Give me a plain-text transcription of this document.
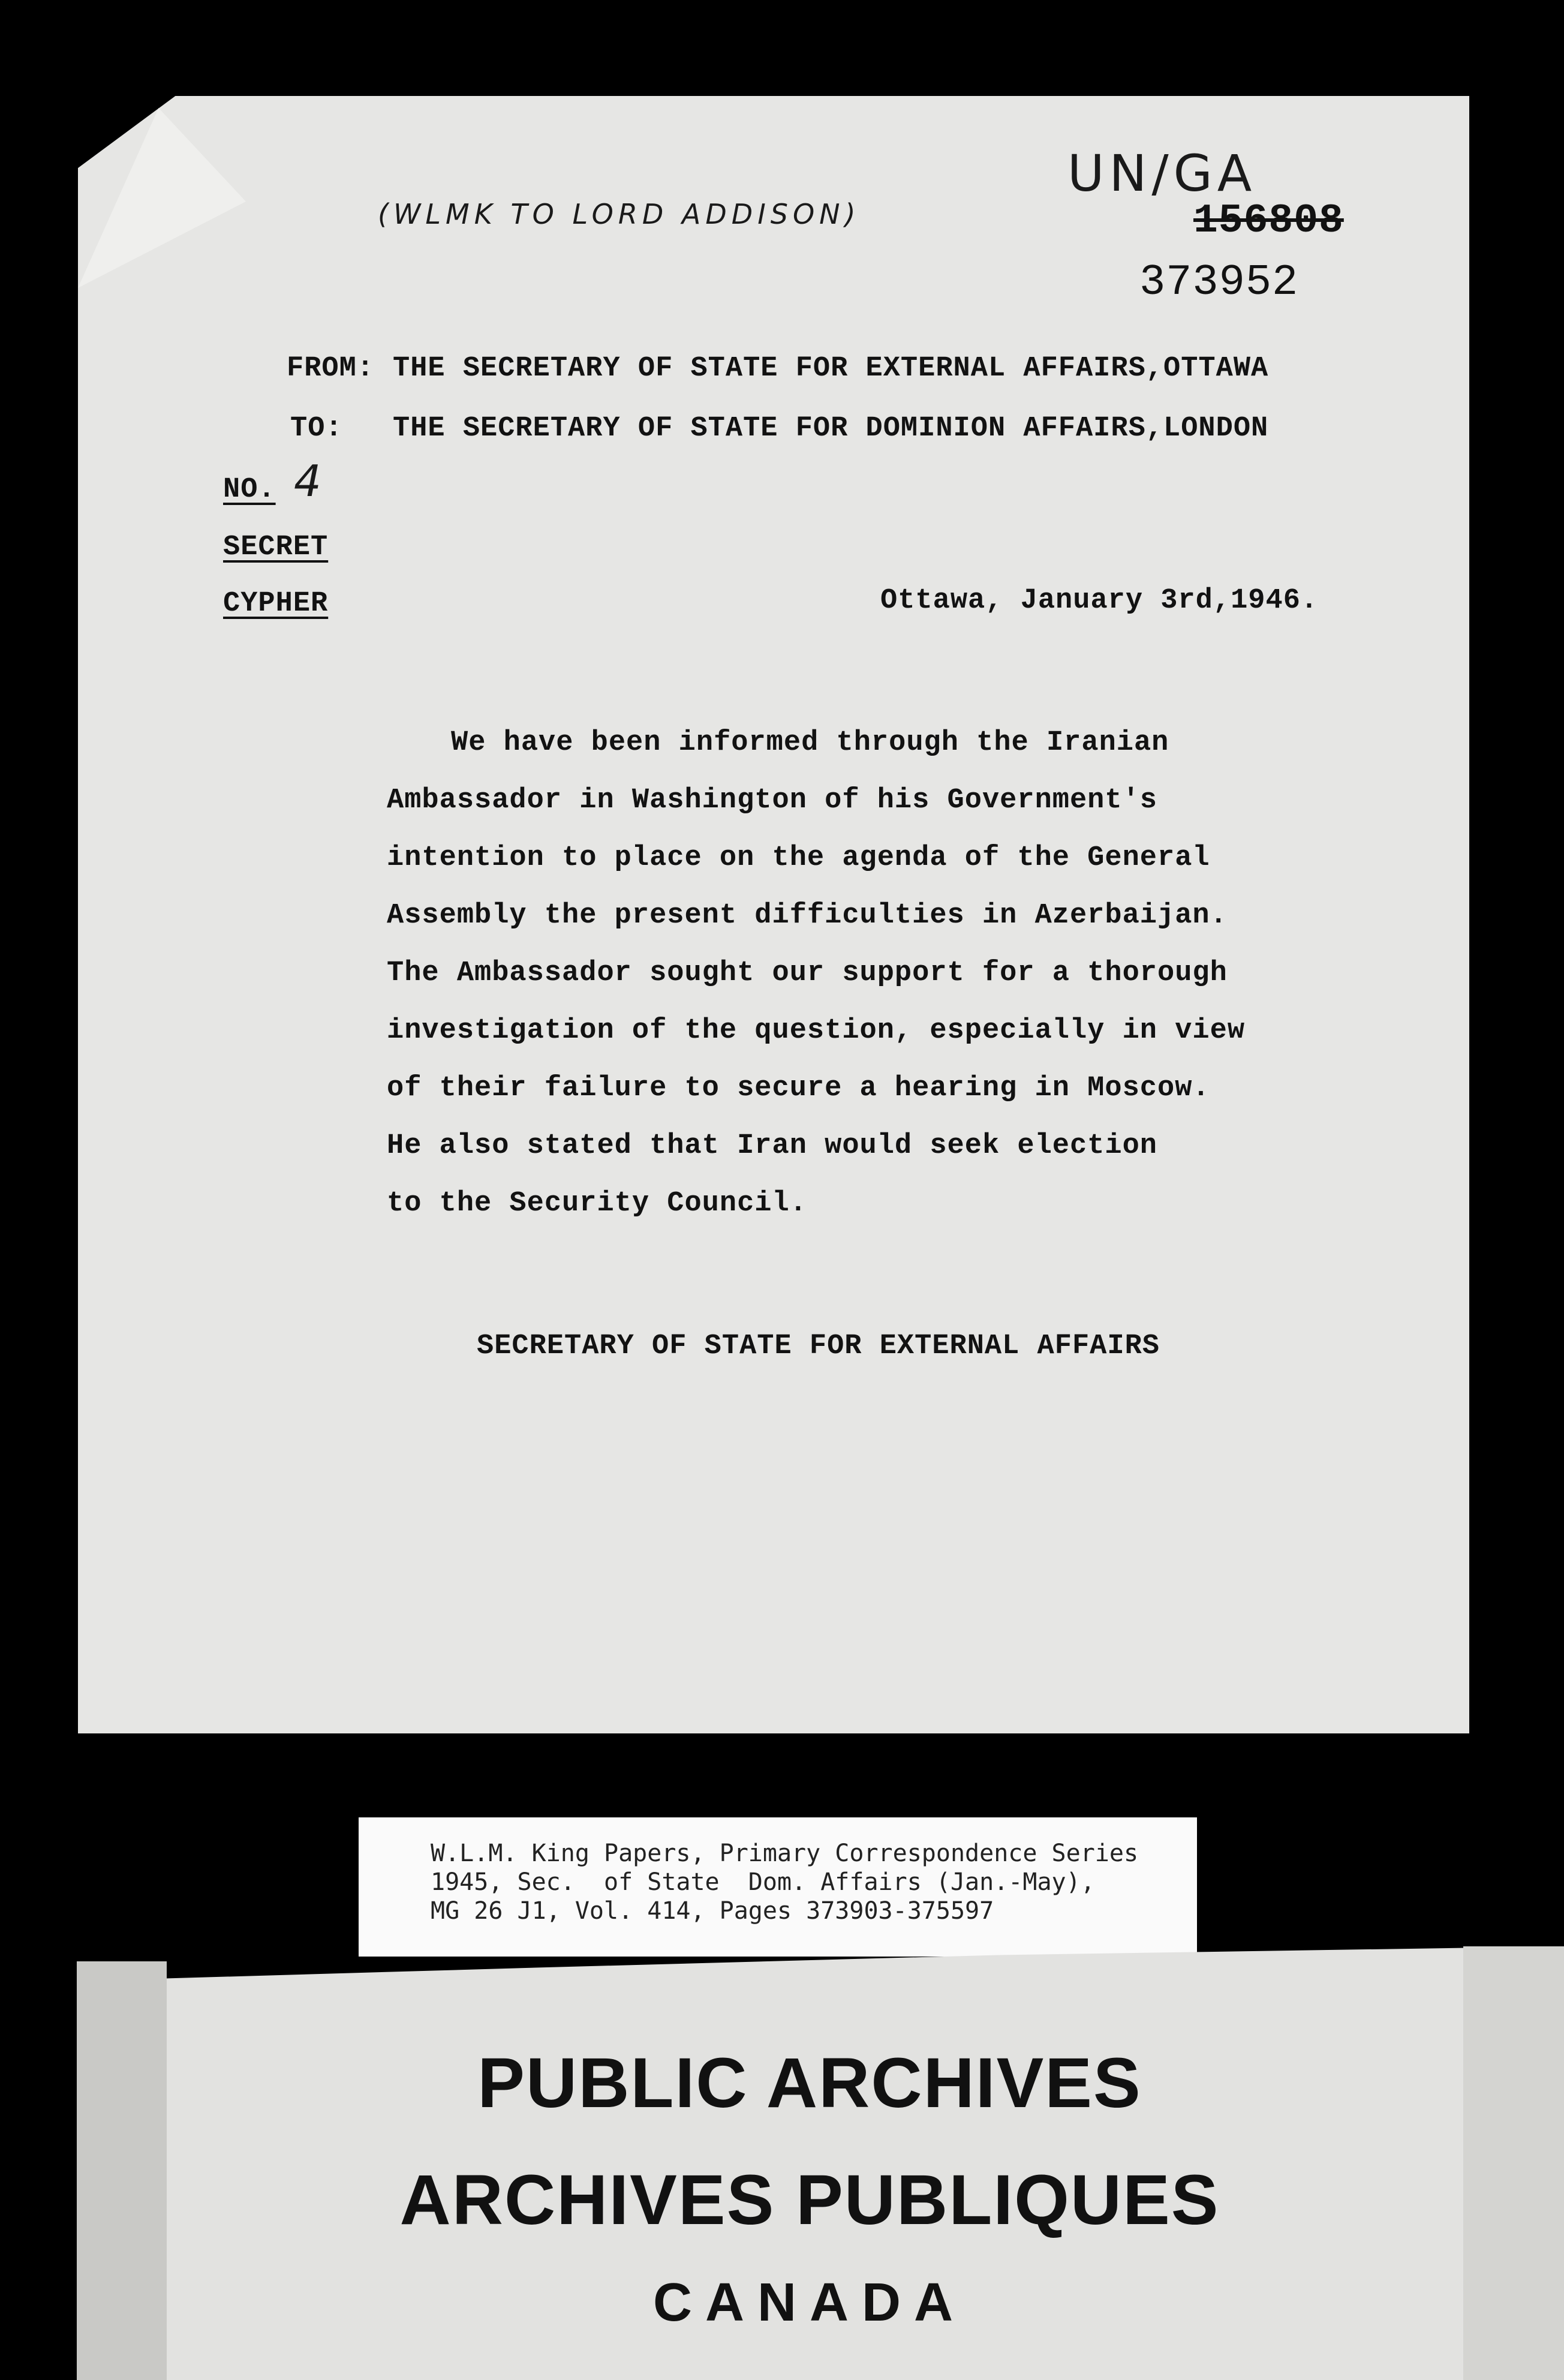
(WLMK TO LORD ADDISON)
UN/GA
156808
373952
FROM: THE SECRETARY OF STATE FOR EXTERNAL AFFAIRS,OTTAWA
TO: THE SECRETARY OF STATE FOR DOMINION AFFAIRS,LONDON
NO. 4
SECRET
CYPHER	Ottawa, January 3rd,1946.
We have been informed through the Iranian
Ambassador in Washington of his Government's
intention to place on the agenda of the General
Assembly the present difficulties in Azerbaijan.
The Ambassador sought our support for a thorough
investigation of the question, especially in view
of their failure to secure a hearing in Moscow.
He also stated that Iran would seek election
to the Security Council.
SECRETARY OF STATE FOR EXTERNAL AFFAIRS
W.L.M. King Papers, Primary Correspondence Series
1945, Sec.  of State  Dom. Affairs (Jan.-May),
MG 26 J1, Vol. 414, Pages 373903-375597
PUBLIC ARCHIVES
ARCHIVES PUBLIQUES
CANADA
